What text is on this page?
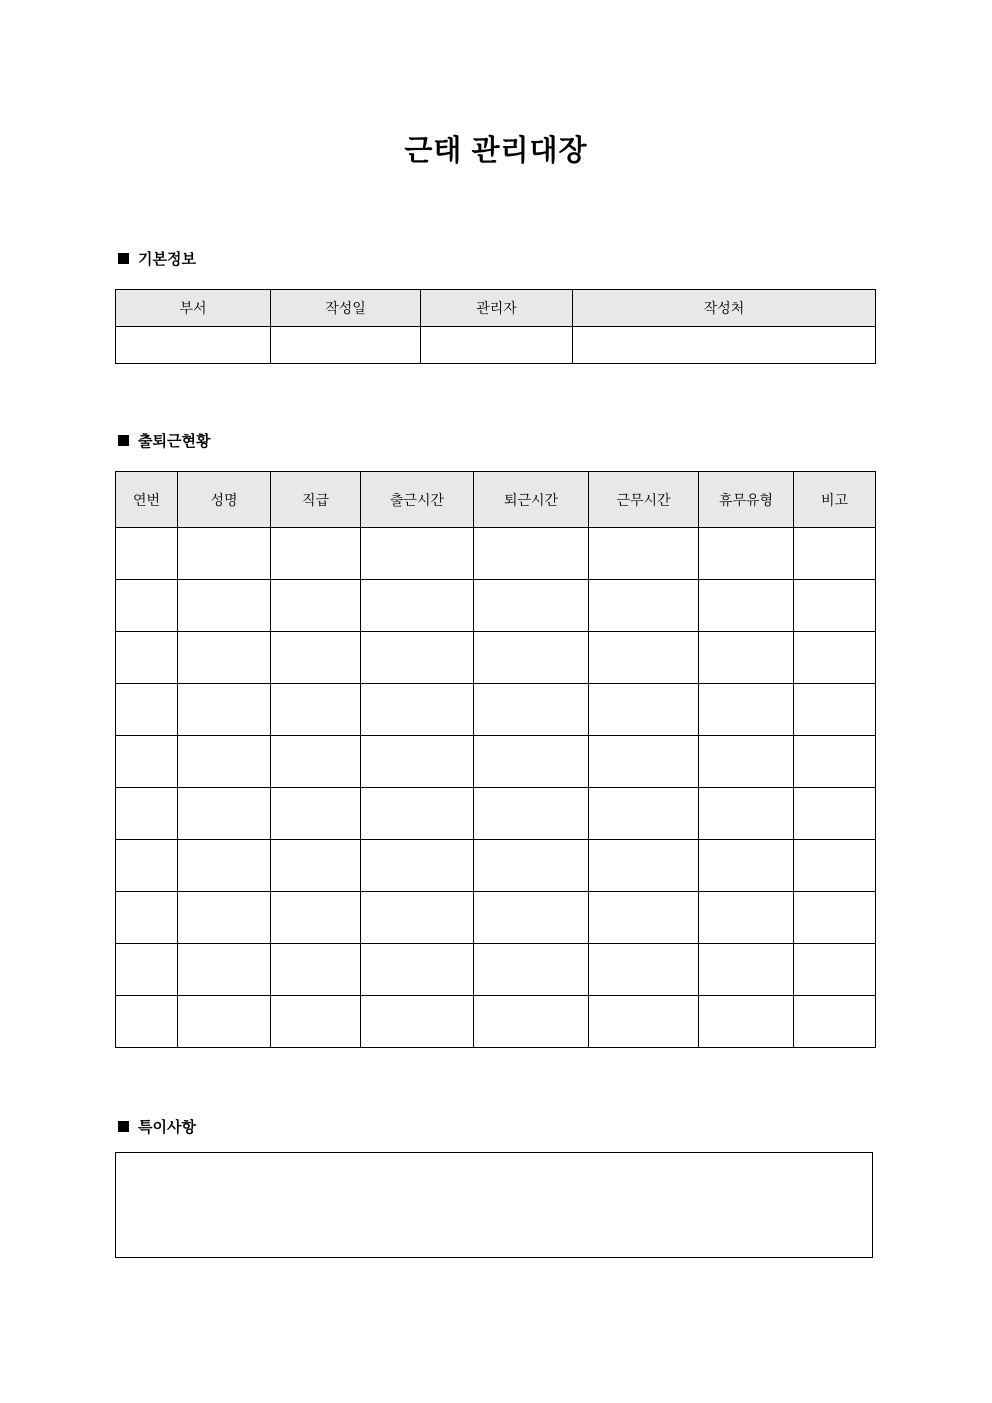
근태 관리대장
기본정보
부서	작성일	관리자	작성처

출퇴근현황
연번	성명	직급	출근시간	퇴근시간	근무시간	휴무유형	비고

특이사항
